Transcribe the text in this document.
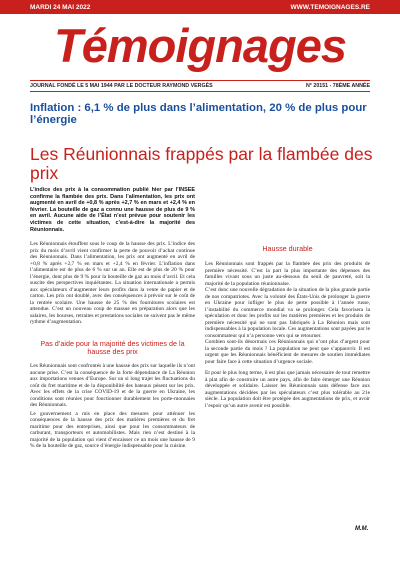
MARDI 24 MAI 2022	WWW.TEMOIGNAGES.RE
Témoignages
JOURNAL FONDÉ LE 5 MAI 1944 PAR LE DOCTEUR RAYMOND VERGÈS	N° 20151 - 78ÈME ANNÉE
Inflation : 6,1 % de plus dans l’alimentation, 20 % de plus pour l’énergie
Les Réunionnais frappés par la flambée des prix

L’indice des prix à la consommation publié hier par l’INSEE confirme la flambée des prix. Dans l’alimentation, les prix ont augmenté en avril de +0,8 % après +2,7 % en mars et +2,4 % en février. La bouteille de gaz a connu une hausse de plus de 9 % en avril. Aucune aide de l’État n’est prévue pour soutenir les victimes de cette situation, c’est-à-dire la majorité des Réunionnais.

Les Réunionnais étouffent sous le coup de la hausse des prix. L’indice des prix du mois d’avril vient confirmer la perte de pouvoir d’achat continue des Réunionnais. Dans l’alimentation, les prix ont augmenté en avril de +0,8 % après +2,7 % en mars et +2,4 % en février. L’inflation dans l’alimentaire est de plus de 6 % sur un an. Elle est de plus de 20 % pour l’énergie, dont plus de 9 % pour la bouteille de gaz au mois d’avril. Et cela suscite des perspectives inquiétantes. La situation internationale a permis aux spéculateurs d’augmenter leurs profits dans la vente de papier et de carton. Les prix ont doublé, avec des conséquences à prévoir sur le coût de la rentrée scolaire. Une hausse de 25 % des fournitures scolaires est attendue. C’est un nouveau coup de massue en préparation alors que les salaires, les bourses, retraites et prestations sociales ne suivent pas le même rythme d’augmentation.

Pas d’aide pour la majorité des victimes de la hausse des prix

Les Réunionnais sont confrontés à une hausse des prix sur laquelle ils n’ont aucune prise. C’est la conséquence de la forte dépendance de La Réunion aux importations venues d’Europe. Sur un si long trajet les fluctuations du coût du fret maritime et de la disponibilité des bateaux pèsent sur les prix. Avec les effets de la crise COVID-19 et de la guerre en Ukraine, les conditions sont réunies pour fonctionner durablement les porte-monnaies des Réunionnais.

Le gouvernement a mis en place des mesures pour atténuer les conséquences de la hausse des prix des matières premières et du fret maritime pour des entreprises, ainsi que pour les consommateurs de carburant, transporteurs et automobilistes. Mais rien n’est destiné à la majorité de la population qui vient d’encaisser ce un mois une hausse de 9 % de la bouteille de gaz, source d’énergie indispensable pour la cuisine.

Hausse durable

Les Réunionnais sont frappés par la flambée des prix des produits de première nécessité. C’est la part la plus importante des dépenses des familles vivant sous un juste au-dessous du seuil de pauvreté, soit la majorité de la population réunionnaise.

C’est donc une nouvelle dégradation de la situation de la plus grande partie de nos compatriotes. Avec la volonté des États-Unis de prolonger la guerre en Ukraine pour infliger le plus de perte possible à l’année russe, l’instabilité du commerce mondial va se prolonger. Cela favorisera la spéculation et donc les profits sur les matières premières et les produits de première nécessité qui ne sont pas fabriqués à La Réunion mais sont indispensables à la population locale. Ces augmentations sont payées par le consommateur qui n’a personne vers qui se retourner.

Combien sont-ils désormais ces Réunionnais qui n’ont plus d’argent pour la seconde partie du mois ? La population ne peut que s’appauvrir. Il est urgent que les Réunionnais bénéficient de mesures de soutien immédiates pour faire face à cette situation d’urgence sociale.

Et pour le plus long terme, il est plus que jamais nécessaire de tout remettre à plat afin de construire un autre pays, afin de faire émerger une Réunion développée et solidaire. Laisser les Réunionnais sans défense face aux augmentations décidées par les spéculateurs c’est plus tolérable au 21e siècle. La population doit être protégée des augmentations de prix, et avoir l’espoir qu’un autre avenir est possible.

M.M.
